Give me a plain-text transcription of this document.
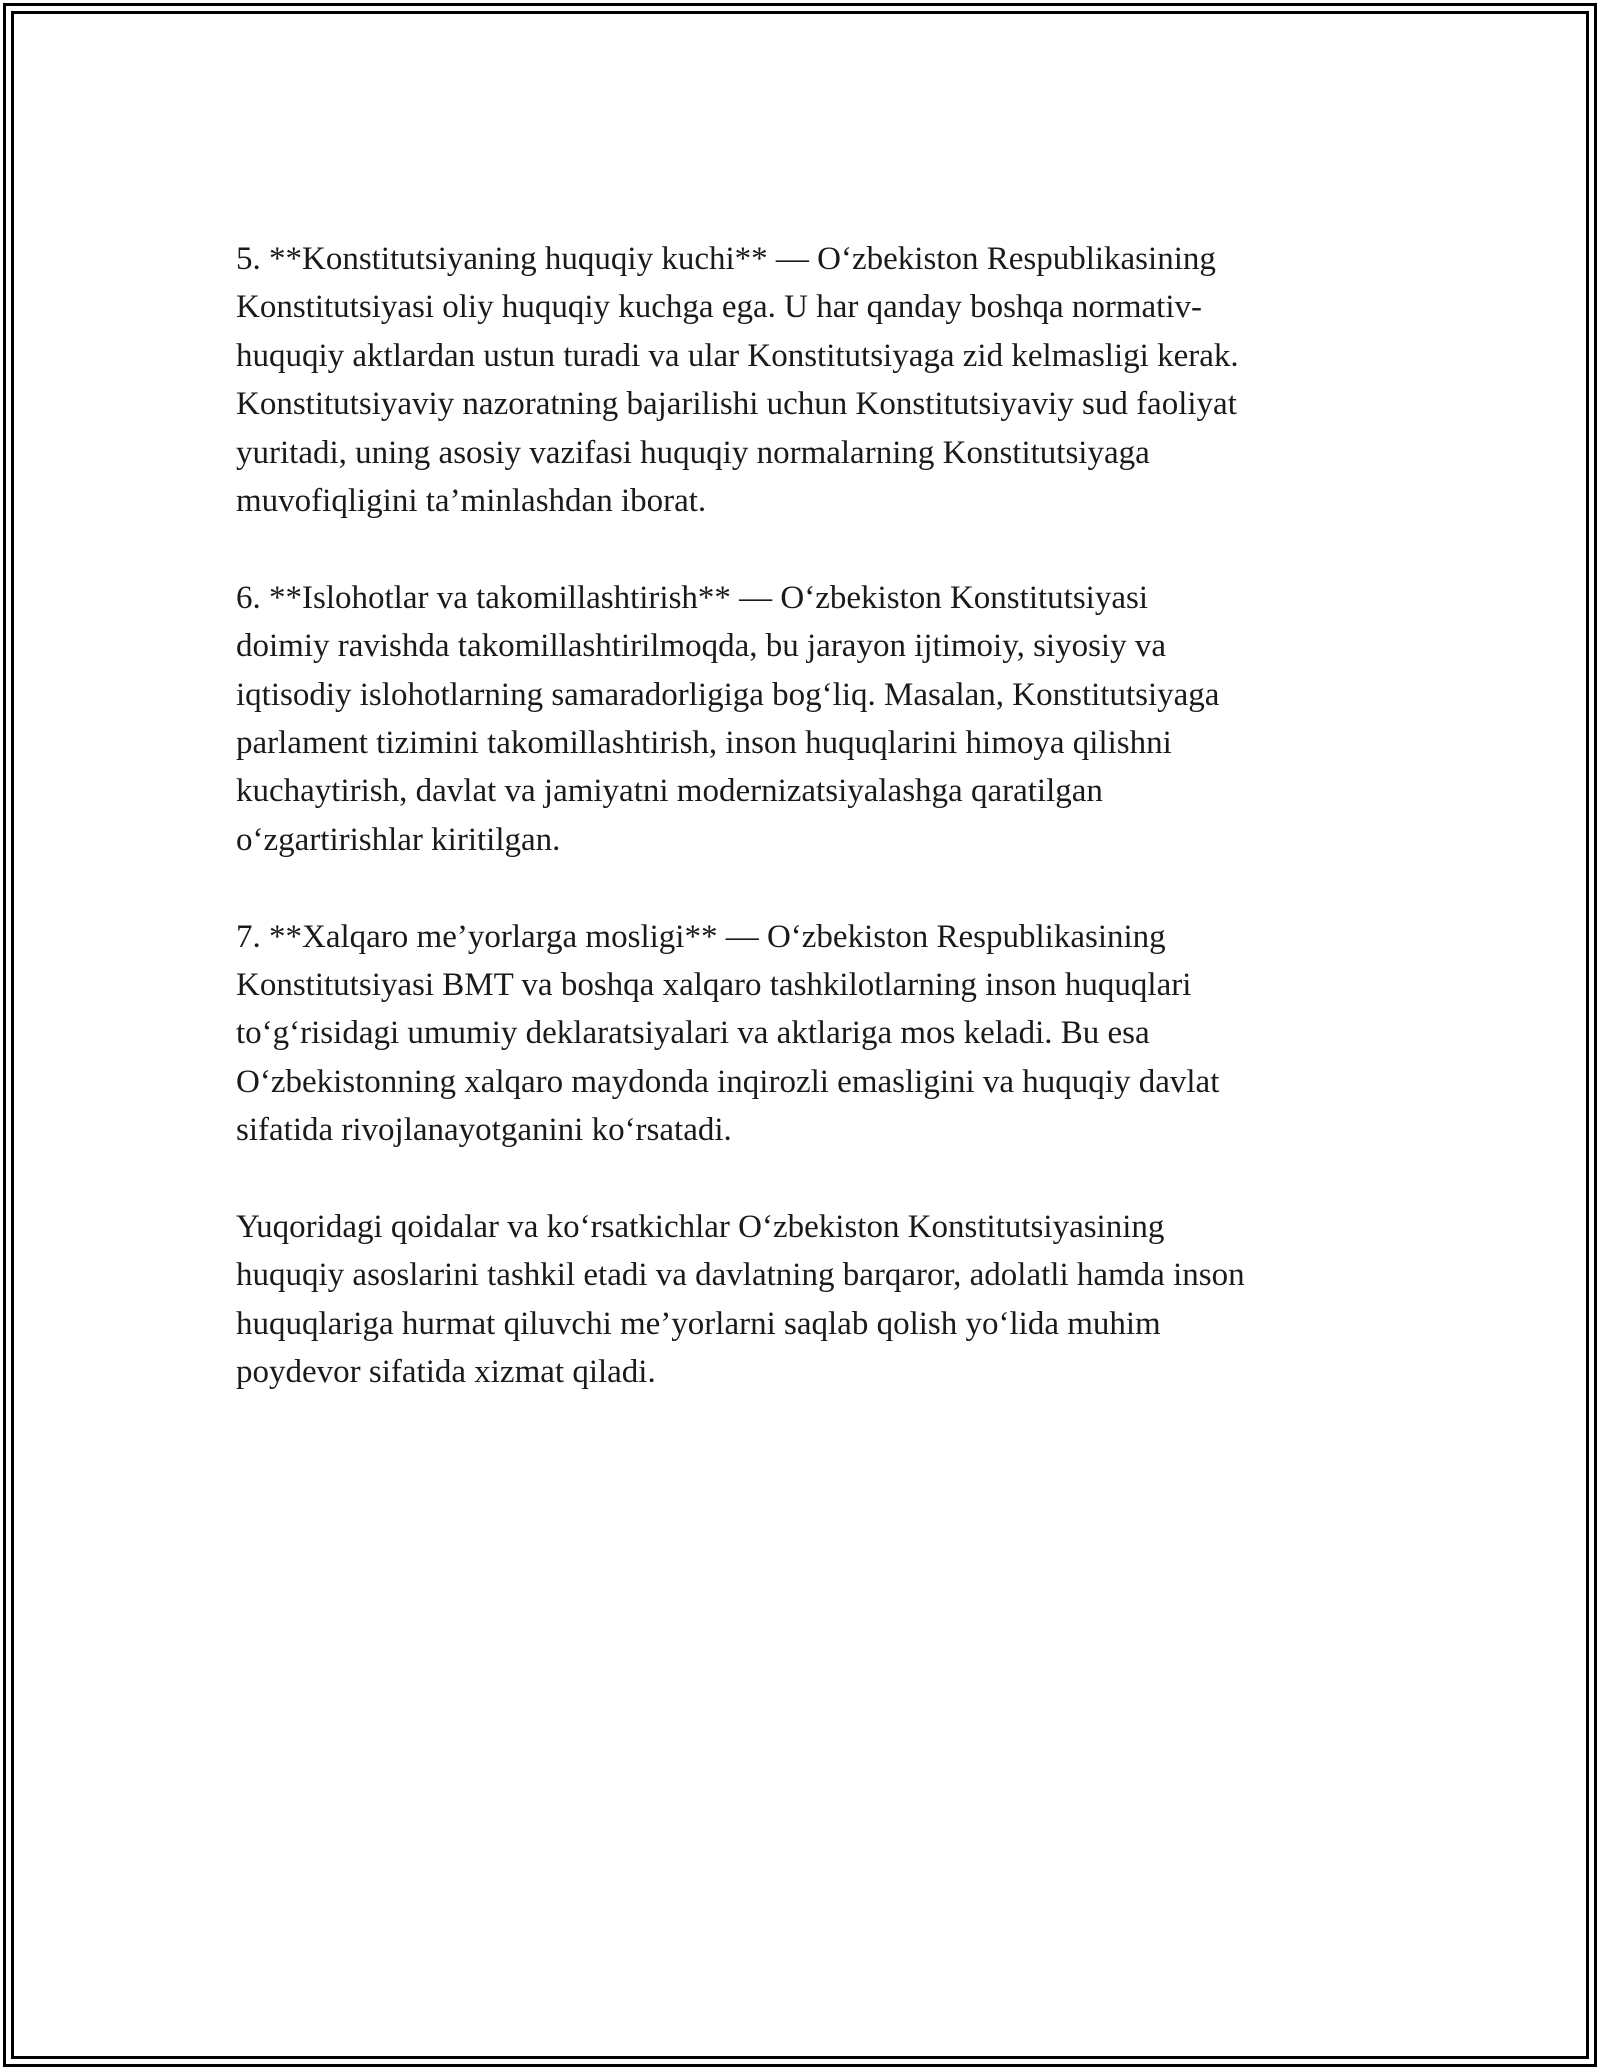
5. **Konstitutsiyaning huquqiy kuchi** — O‘zbekiston Respublikasining
Konstitutsiyasi oliy huquqiy kuchga ega. U har qanday boshqa normativ-
huquqiy aktlardan ustun turadi va ular Konstitutsiyaga zid kelmasligi kerak.
Konstitutsiyaviy nazoratning bajarilishi uchun Konstitutsiyaviy sud faoliyat
yuritadi, uning asosiy vazifasi huquqiy normalarning Konstitutsiyaga
muvofiqligini ta’minlashdan iborat.

6. **Islohotlar va takomillashtirish** — O‘zbekiston Konstitutsiyasi
doimiy ravishda takomillashtirilmoqda, bu jarayon ijtimoiy, siyosiy va
iqtisodiy islohotlarning samaradorligiga bog‘liq. Masalan, Konstitutsiyaga
parlament tizimini takomillashtirish, inson huquqlarini himoya qilishni
kuchaytirish, davlat va jamiyatni modernizatsiyalashga qaratilgan
o‘zgartirishlar kiritilgan.

7. **Xalqaro me’yorlarga mosligi** — O‘zbekiston Respublikasining
Konstitutsiyasi BMT va boshqa xalqaro tashkilotlarning inson huquqlari
to‘g‘risidagi umumiy deklaratsiyalari va aktlariga mos keladi. Bu esa
O‘zbekistonning xalqaro maydonda inqirozli emasligini va huquqiy davlat
sifatida rivojlanayotganini ko‘rsatadi.

Yuqoridagi qoidalar va ko‘rsatkichlar O‘zbekiston Konstitutsiyasining
huquqiy asoslarini tashkil etadi va davlatning barqaror, adolatli hamda inson
huquqlariga hurmat qiluvchi me’yorlarni saqlab qolish yo‘lida muhim
poydevor sifatida xizmat qiladi.
